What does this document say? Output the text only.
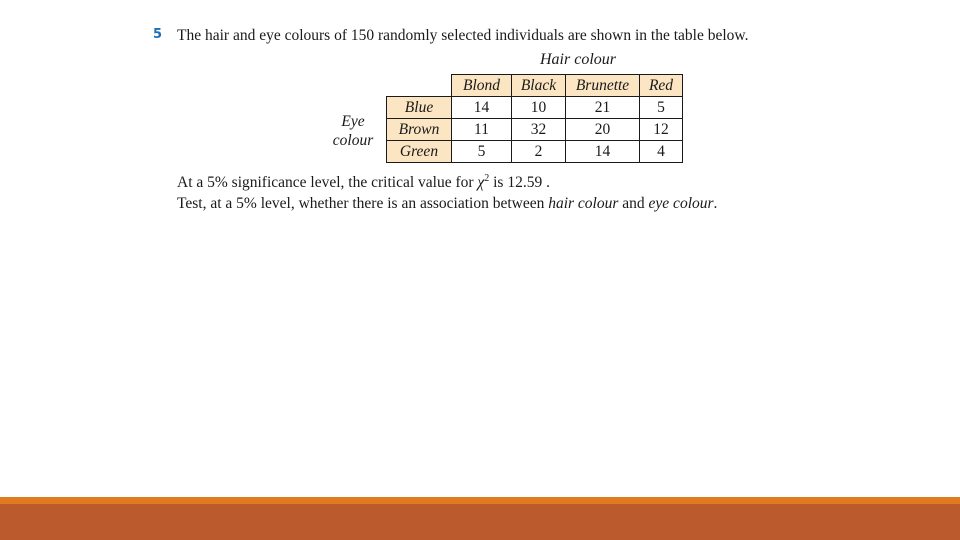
5 The hair and eye colours of 150 randomly selected individuals are shown in the table below.
Hair colour
Eye
colour
	Blond	Black	Brunette	Red
Blue	14	10	21	5
Brown	11	32	20	12
Green	5	2	14	4
At a 5% significance level, the critical value for $\chi^2$ is 12.59 .
Test, at a 5% level, whether there is an association between hair colour and eye colour.
